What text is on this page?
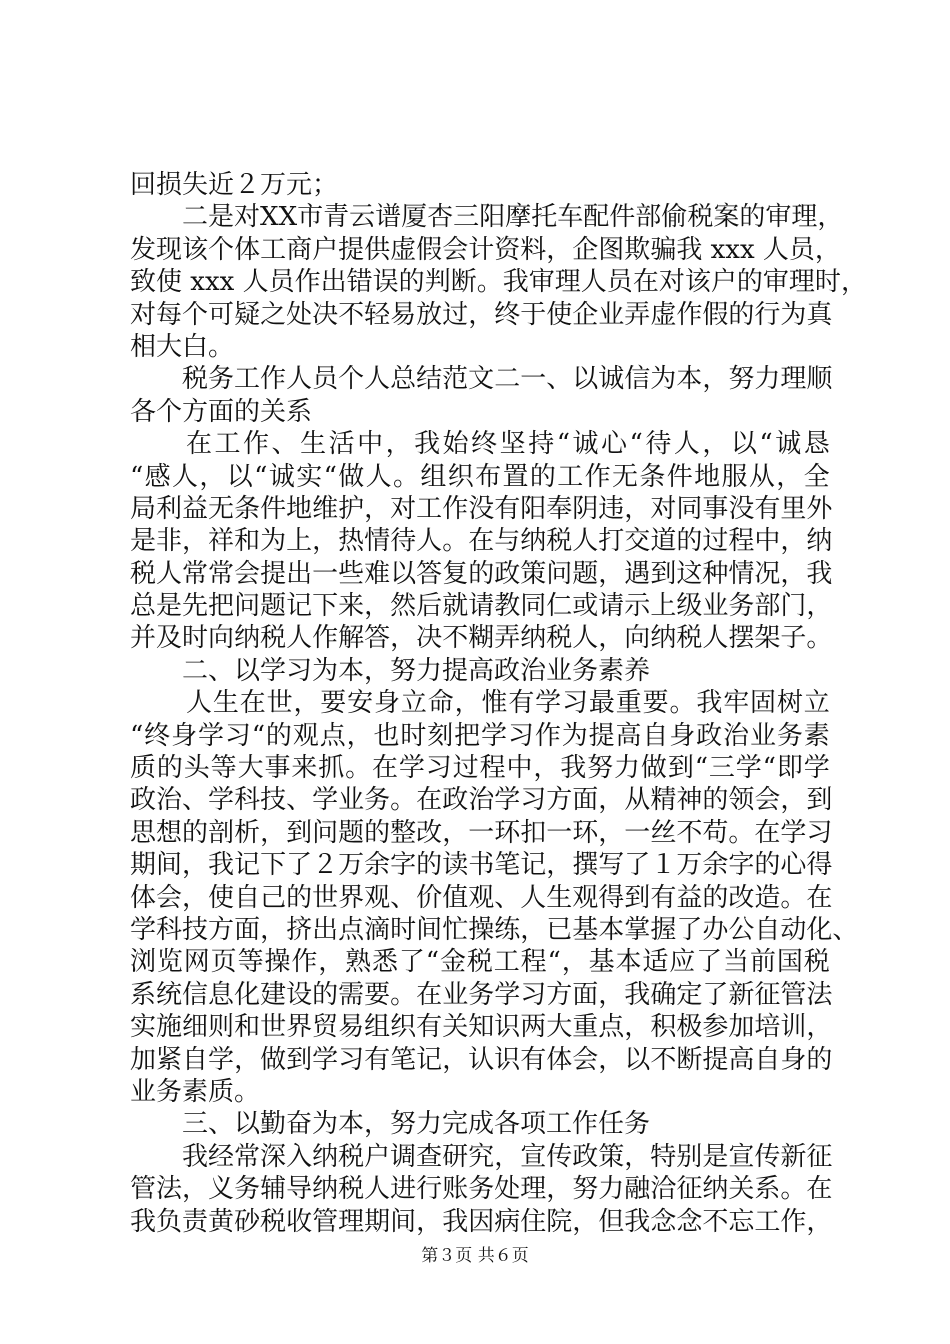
回损失近２万元；
二 是 对 X X 市 青 云 谱 厦 杏 三 阳 摩 托 车 配 件 部 偷 税 案 的 审 理 ，
发 现 该 个 体 工 商 户 提 供 虚 假 会 计 资 料 ， 企 图 欺 骗 我
x x x
人 员 ，
致 使
x x x
人 员 作 出 错 误 的 判 断 。 我 审 理 人 员 在 对 该 户 的 审 理 时 ，
对 每 个 可 疑 之 处 决 不 轻 易 放 过 ， 终 于 使 企 业 弄 虚 作 假 的 行 为 真
相大白。
税 务 工 作 人 员 个 人 总 结 范 文 二 一 、 以 诚 信 为 本 ， 努 力 理 顺
各个方面的关系
在 工 作 、 生 活 中 ， 我 始 终 坚 持 “ 诚 心 “ 待 人 ， 以 “ 诚 恳
“ 感 人 ， 以 “ 诚 实 “ 做 人 。 组 织 布 置 的 工 作 无 条 件 地 服 从 ， 全
局 利 益 无 条 件 地 维 护 ， 对 工 作 没 有 阳 奉 阴 违 ， 对 同 事 没 有 里 外
是 非 ， 祥 和 为 上 ， 热 情 待 人 。 在 与 纳 税 人 打 交 道 的 过 程 中 ， 纳
税 人 常 常 会 提 出 一 些 难 以 答 复 的 政 策 问 题 ， 遇 到 这 种 情 况 ， 我
总 是 先 把 问 题 记 下 来 ， 然 后 就 请 教 同 仁 或 请 示 上 级 业 务 部 门 ，
并 及 时 向 纳 税 人 作 解 答 ， 决 不 糊 弄 纳 税 人 ， 向 纳 税 人 摆 架 子 。
二、以学习为本，努力提高政治业务素养
人 生 在 世 ， 要 安 身 立 命 ， 惟 有 学 习 最 重 要 。 我 牢 固 树 立
“ 终 身 学 习 “ 的 观 点 ， 也 时 刻 把 学 习 作 为 提 高 自 身 政 治 业 务 素
质 的 头 等 大 事 来 抓 。 在 学 习 过 程 中 ， 我 努 力 做 到 “ 三 学 “ 即 学
政 治 、 学 科 技 、 学 业 务 。 在 政 治 学 习 方 面 ， 从 精 神 的 领 会 ， 到
思 想 的 剖 析 ， 到 问 题 的 整 改 ， 一 环 扣 一 环 ， 一 丝 不 苟 。 在 学 习
期 间 ， 我 记 下 了 ２ 万 余 字 的 读 书 笔 记 ， 撰 写 了 １ 万 余 字 的 心 得
体 会 ， 使 自 己 的 世 界 观 、 价 值 观 、 人 生 观 得 到 有 益 的 改 造 。 在
学 科 技 方 面 ， 挤 出 点 滴 时 间 忙 操 练 ， 已 基 本 掌 握 了 办 公 自 动 化 、
浏 览 网 页 等 操 作 ， 熟 悉 了 “ 金 税 工 程 “ ， 基 本 适 应 了 当 前 国 税
系 统 信 息 化 建 设 的 需 要 。 在 业 务 学 习 方 面 ， 我 确 定 了 新 征 管 法
实 施 细 则 和 世 界 贸 易 组 织 有 关 知 识 两 大 重 点 ， 积 极 参 加 培 训 ，
加 紧 自 学 ， 做 到 学 习 有 笔 记 ， 认 识 有 体 会 ， 以 不 断 提 高 自 身 的
业务素质。
三、以勤奋为本，努力完成各项工作任务
我 经 常 深 入 纳 税 户 调 查 研 究 ， 宣 传 政 策 ， 特 别 是 宣 传 新 征
管 法 ， 义 务 辅 导 纳 税 人 进 行 账 务 处 理 ， 努 力 融 洽 征 纳 关 系 。 在
我 负 责 黄 砂 税 收 管 理 期 间 ， 我 因 病 住 院 ， 但 我 念 念 不 忘 工 作 ，
第３页 共６页
